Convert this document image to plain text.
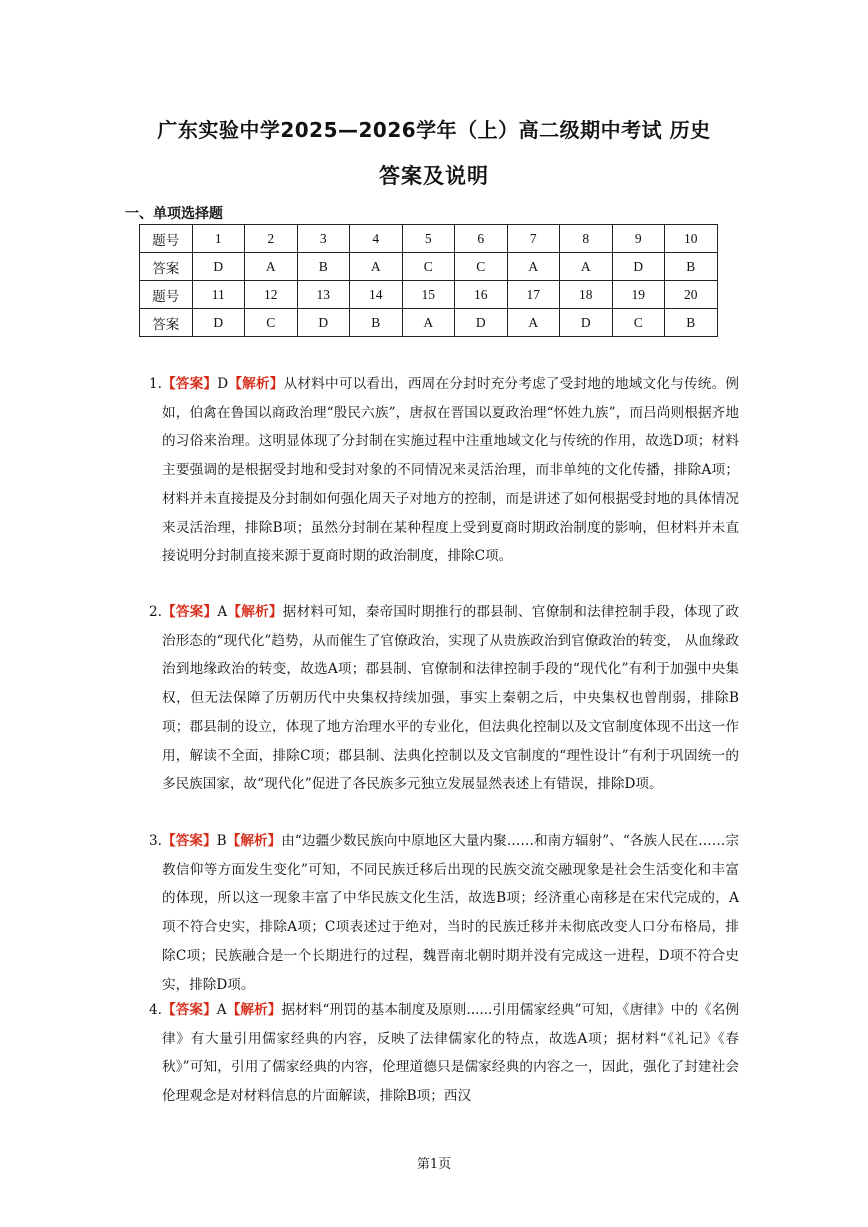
广东实验中学2025—2026学年（上）高二级期中考试 历史
答案及说明
一、单项选择题
题号	1	2	3	4	5	6	7	8	9	10
答案	D	A	B	A	C	C	A	A	D	B
题号	11	12	13	14	15	16	17	18	19	20
答案	D	C	D	B	A	D	A	D	C	B
1. 【答案】D【解析】从材料中可以看出，西周在分封时充分考虑了受封地的地域文化与传统。例如，伯禽在鲁国以商政治理“殷民六族”，唐叔在晋国以夏政治理“怀姓九族”，而吕尚则根据齐地的习俗来治理。这明显体现了分封制在实施过程中注重地域文化与传统的作用，故选D项；材料主要强调的是根据受封地和受封对象的不同情况来灵活治理，而非单纯的文化传播，排除A项；材料并未直接提及分封制如何强化周天子对地方的控制，而是讲述了如何根据受封地的具体情况来灵活治理，排除B项；虽然分封制在某种程度上受到夏商时期政治制度的影响，但材料并未直接说明分封制直接来源于夏商时期的政治制度，排除C项。
2. 【答案】A【解析】据材料可知，秦帝国时期推行的郡县制、官僚制和法律控制手段，体现了政治形态的“现代化”趋势，从而催生了官僚政治，实现了从贵族政治到官僚政治的转变， 从血缘政治到地缘政治的转变，故选A项；郡县制、官僚制和法律控制手段的“现代化”有利于加强中央集权，但无法保障了历朝历代中央集权持续加强，事实上秦朝之后，中央集权也曾削弱，排除B项；郡县制的设立，体现了地方治理水平的专业化，但法典化控制以及文官制度体现不出这一作用，解读不全面，排除C项；郡县制、法典化控制以及文官制度的“理性设计”有利于巩固统一的多民族国家，故“现代化”促进了各民族多元独立发展显然表述上有错误，排除D项。
3. 【答案】B【解析】由“边疆少数民族向中原地区大量内聚……和南方辐射”、“各族人民在……宗教信仰等方面发生变化”可知，不同民族迁移后出现的民族交流交融现象是社会生活变化和丰富的体现，所以这一现象丰富了中华民族文化生活，故选B项；经济重心南移是在宋代完成的，A项不符合史实，排除A项；C项表述过于绝对，当时的民族迁移并未彻底改变人口分布格局，排除C项；民族融合是一个长期进行的过程，魏晋南北朝时期并没有完成这一进程，D项不符合史实，排除D项。
4. 【答案】A【解析】据材料“刑罚的基本制度及原则......引用儒家经典”可知，《唐律》中的《名例律》有大量引用儒家经典的内容，反映了法律儒家化的特点，故选A项；据材料“《礼记》《春秋》”可知，引用了儒家经典的内容，伦理道德只是儒家经典的内容之一，因此，强化了封建社会伦理观念是对材料信息的片面解读，排除B项；西汉
第1页
